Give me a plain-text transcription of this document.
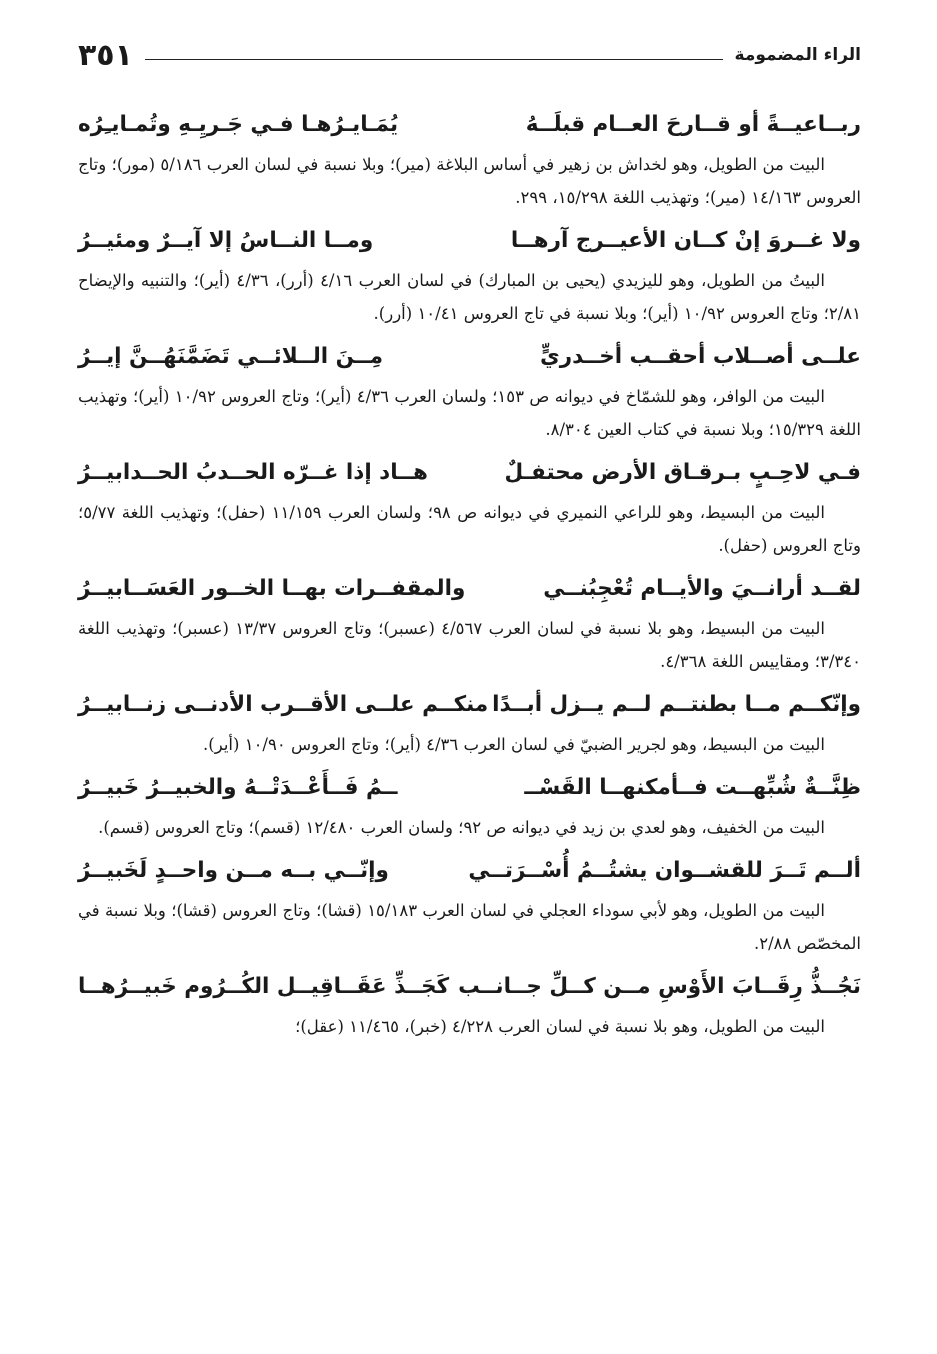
الراء المضمومة
٣٥١
ربــاعيــةً أو قــارحَ العــام قبلَــهُ
يُمَـايـرُهـا فـي جَـريِـهِ وتُمـايـِرُه
البيت من الطويل، وهو لخداش بن زهير في أساس البلاغة (مير)؛ وبلا نسبة في لسان العرب ٥/١٨٦ (مور)؛ وتاج العروس ١٤/١٦٣ (مير)؛ وتهذيب اللغة ١٥/٢٩٨، ٢٩٩.
ولا غــروَ إنْ كــان الأعيــرج آرهــا
ومــا النــاسُ إلا آيــرٌ ومئيــرُ
البيتُ من الطويل، وهو لليزيدي (يحيى بن المبارك) في لسان العرب ٤/١٦ (أرر)، ٤/٣٦ (أير)؛ والتنبيه والإيضاح ٢/٨١؛ وتاج العروس ١٠/٩٢ (أير)؛ وبلا نسبة في تاج العروس ١٠/٤١ (أرر).
علــى أصــلاب أحقــب أخــدريٍّ
مِــنَ الــلائــي تَضَمَّنَهُــنَّ إيــرُ
البيت من الوافر، وهو للشمّاخ في ديوانه ص ١٥٣؛ ولسان العرب ٤/٣٦ (أير)؛ وتاج العروس ١٠/٩٢ (أير)؛ وتهذيب اللغة ١٥/٣٢٩؛ وبلا نسبة في كتاب العين ٨/٣٠٤.
فـي لاحِـبٍ بـرقـاق الأرض محتفـلٌ
هــاد إذا غــرّه الحــدبُ الحــدابيــرُ
البيت من البسيط، وهو للراعي النميري في ديوانه ص ٩٨؛ ولسان العرب ١١/١٥٩ (حفل)؛ وتهذيب اللغة ٥/٧٧؛ وتاج العروس (حفل).
لقــد أرانــيَ والأيــام تُعْجِبُنــي
والمقفــرات بهــا الخــور العَسَــابيــرُ
البيت من البسيط، وهو بلا نسبة في لسان العرب ٤/٥٦٧ (عسبر)؛ وتاج العروس ١٣/٣٧ (عسبر)؛ وتهذيب اللغة ٣/٣٤٠؛ ومقاييس اللغة ٤/٣٦٨.
وإنّكــم مــا بطنتــم لــم يــزل أبــدًا
منكــم علــى الأقــرب الأدنــى زنــابيــرُ
البيت من البسيط، وهو لجرير الضبيّ في لسان العرب ٤/٣٦ (أير)؛ وتاج العروس ١٠/٩٠ (أير).
ظِنَّــةٌ شُبِّهــت فــأمكنهــا القَسْــ
ــمُ فَــأَعْــدَتْــهُ والخبيــرُ خَبيــرُ
البيت من الخفيف، وهو لعدي بن زيد في ديوانه ص ٩٢؛ ولسان العرب ١٢/٤٨٠ (قسم)؛ وتاج العروس (قسم).
ألــم تَــرَ للقشــوان يشتُــمُ أُسْــرَتــي
وإنّــي بــه مــن واحــدٍ لَخَبيــرُ
البيت من الطويل، وهو لأبي سوداء العجلي في لسان العرب ١٥/١٨٣ (قشا)؛ وتاج العروس (قشا)؛ وبلا نسبة في المخصّص ٢/٨٨.
نَجُــذُّ رِقَــابَ الأَوْسِ مــن كــلِّ جــانــب
كَجَــذِّ عَقَــاقِيــل الكُــرُوم خَبيــرُهــا
البيت من الطويل، وهو بلا نسبة في لسان العرب ٤/٢٢٨ (خبر)، ١١/٤٦٥ (عقل)؛
